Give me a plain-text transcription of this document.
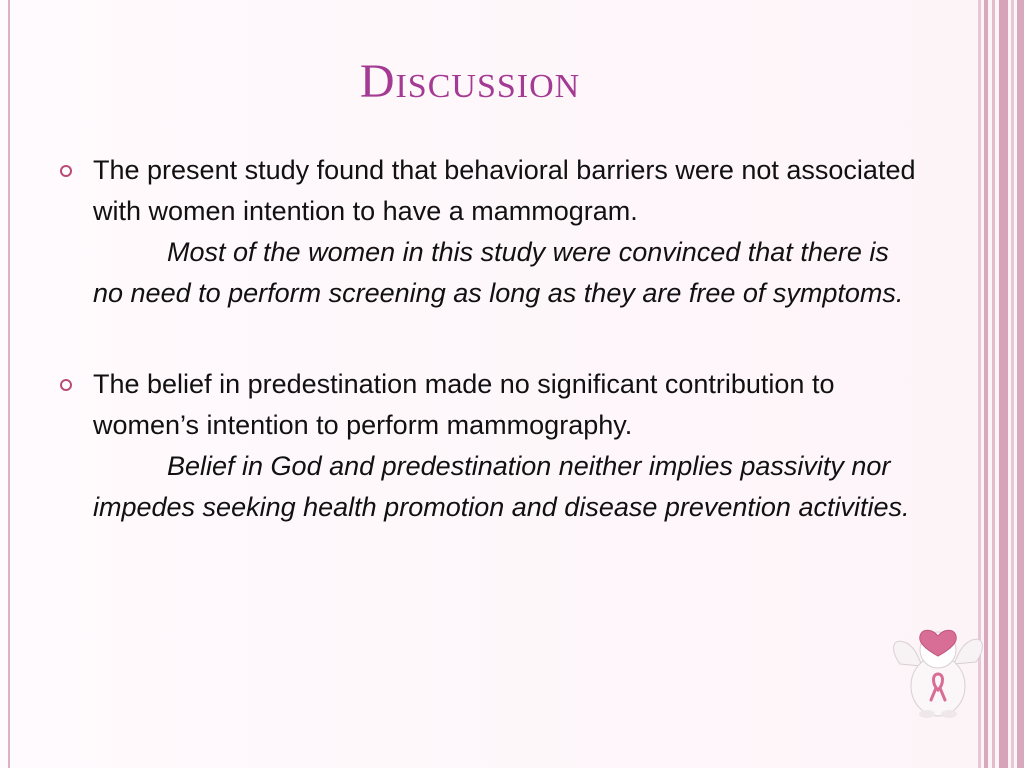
Discussion
The present study found that behavioral barriers were not associated with women intention to have a mammogram.
Most of the women in this study were convinced that there is no need to perform screening as long as they are free of symptoms.
The belief in predestination made no significant contribution to women’s intention to perform mammography.
Belief in God and predestination neither implies passivity nor impedes seeking health promotion and disease prevention activities.
